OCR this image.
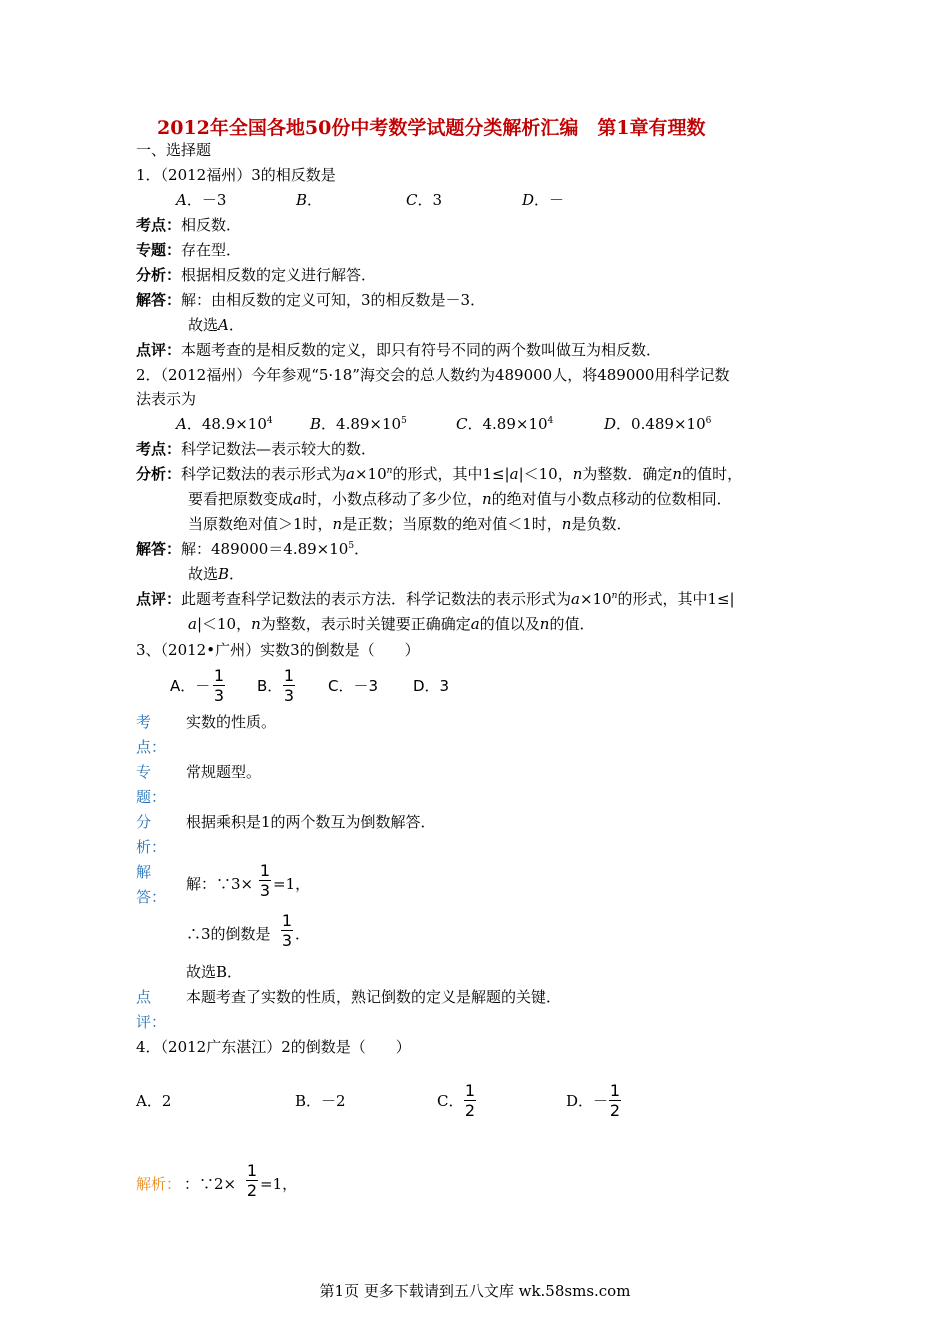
2012年全国各地50份中考数学试题分类解析汇编　第1章有理数
一、选择题
1．（2012福州）3的相反数是
A．－3	B．	C．3	D．－
考点：相反数．
专题：存在型．
分析：根据相反数的定义进行解答．
解答：解：由相反数的定义可知，3的相反数是－3．
故选A．
点评：本题考查的是相反数的定义，即只有符号不同的两个数叫做互为相反数．
2．（2012福州）今年参观“5·18”海交会的总人数约为489000人，将489000用科学记数
法表示为
A．$48.9\times 10^4$ B．$4.89\times 10^5$	C．$4.89\times 10^4$	D．$0.489\times 10^6$
考点：科学记数法—表示较大的数．
分析：科学记数法的表示形式为$a\times 10^n$的形式，其中1≤|a|＜10，n为整数．确定n的值时，
要看把原数变成a时，小数点移动了多少位，n的绝对值与小数点移动的位数相同．
当原数绝对值＞1时，n是正数；当原数的绝对值＜1时，n是负数．
解答：解：$489000=4.89\times 10^5$．
故选B．
点评：此题考查科学记数法的表示方法．科学记数法的表示形式为$a\times 10^n$的形式，其中1≤|
a|＜10，n为整数，表示时关键要正确确定a的值以及n的值．
3、（2012•广州）实数3的倒数是（　　）
A．－
1
3 B．
1
3 C．－3 D．3
考
点：
实数的性质。
专
题：
常规题型。
分
析：
根据乘积是1的两个数互为倒数解答．
解
答：
解：∵3×
1
3 =1，
∴3的倒数是
1
3 ．
故选B．
点
评：
本题考查了实数的性质，熟记倒数的定义是解题的关键．
4．（2012广东湛江）2的倒数是（　　）
A．2	B．－2	C．
1
2	D．－
1
2
解析： ：∵2×
1
2 =1，
第1页 更多下载请到五八文库 wk.58sms.com
